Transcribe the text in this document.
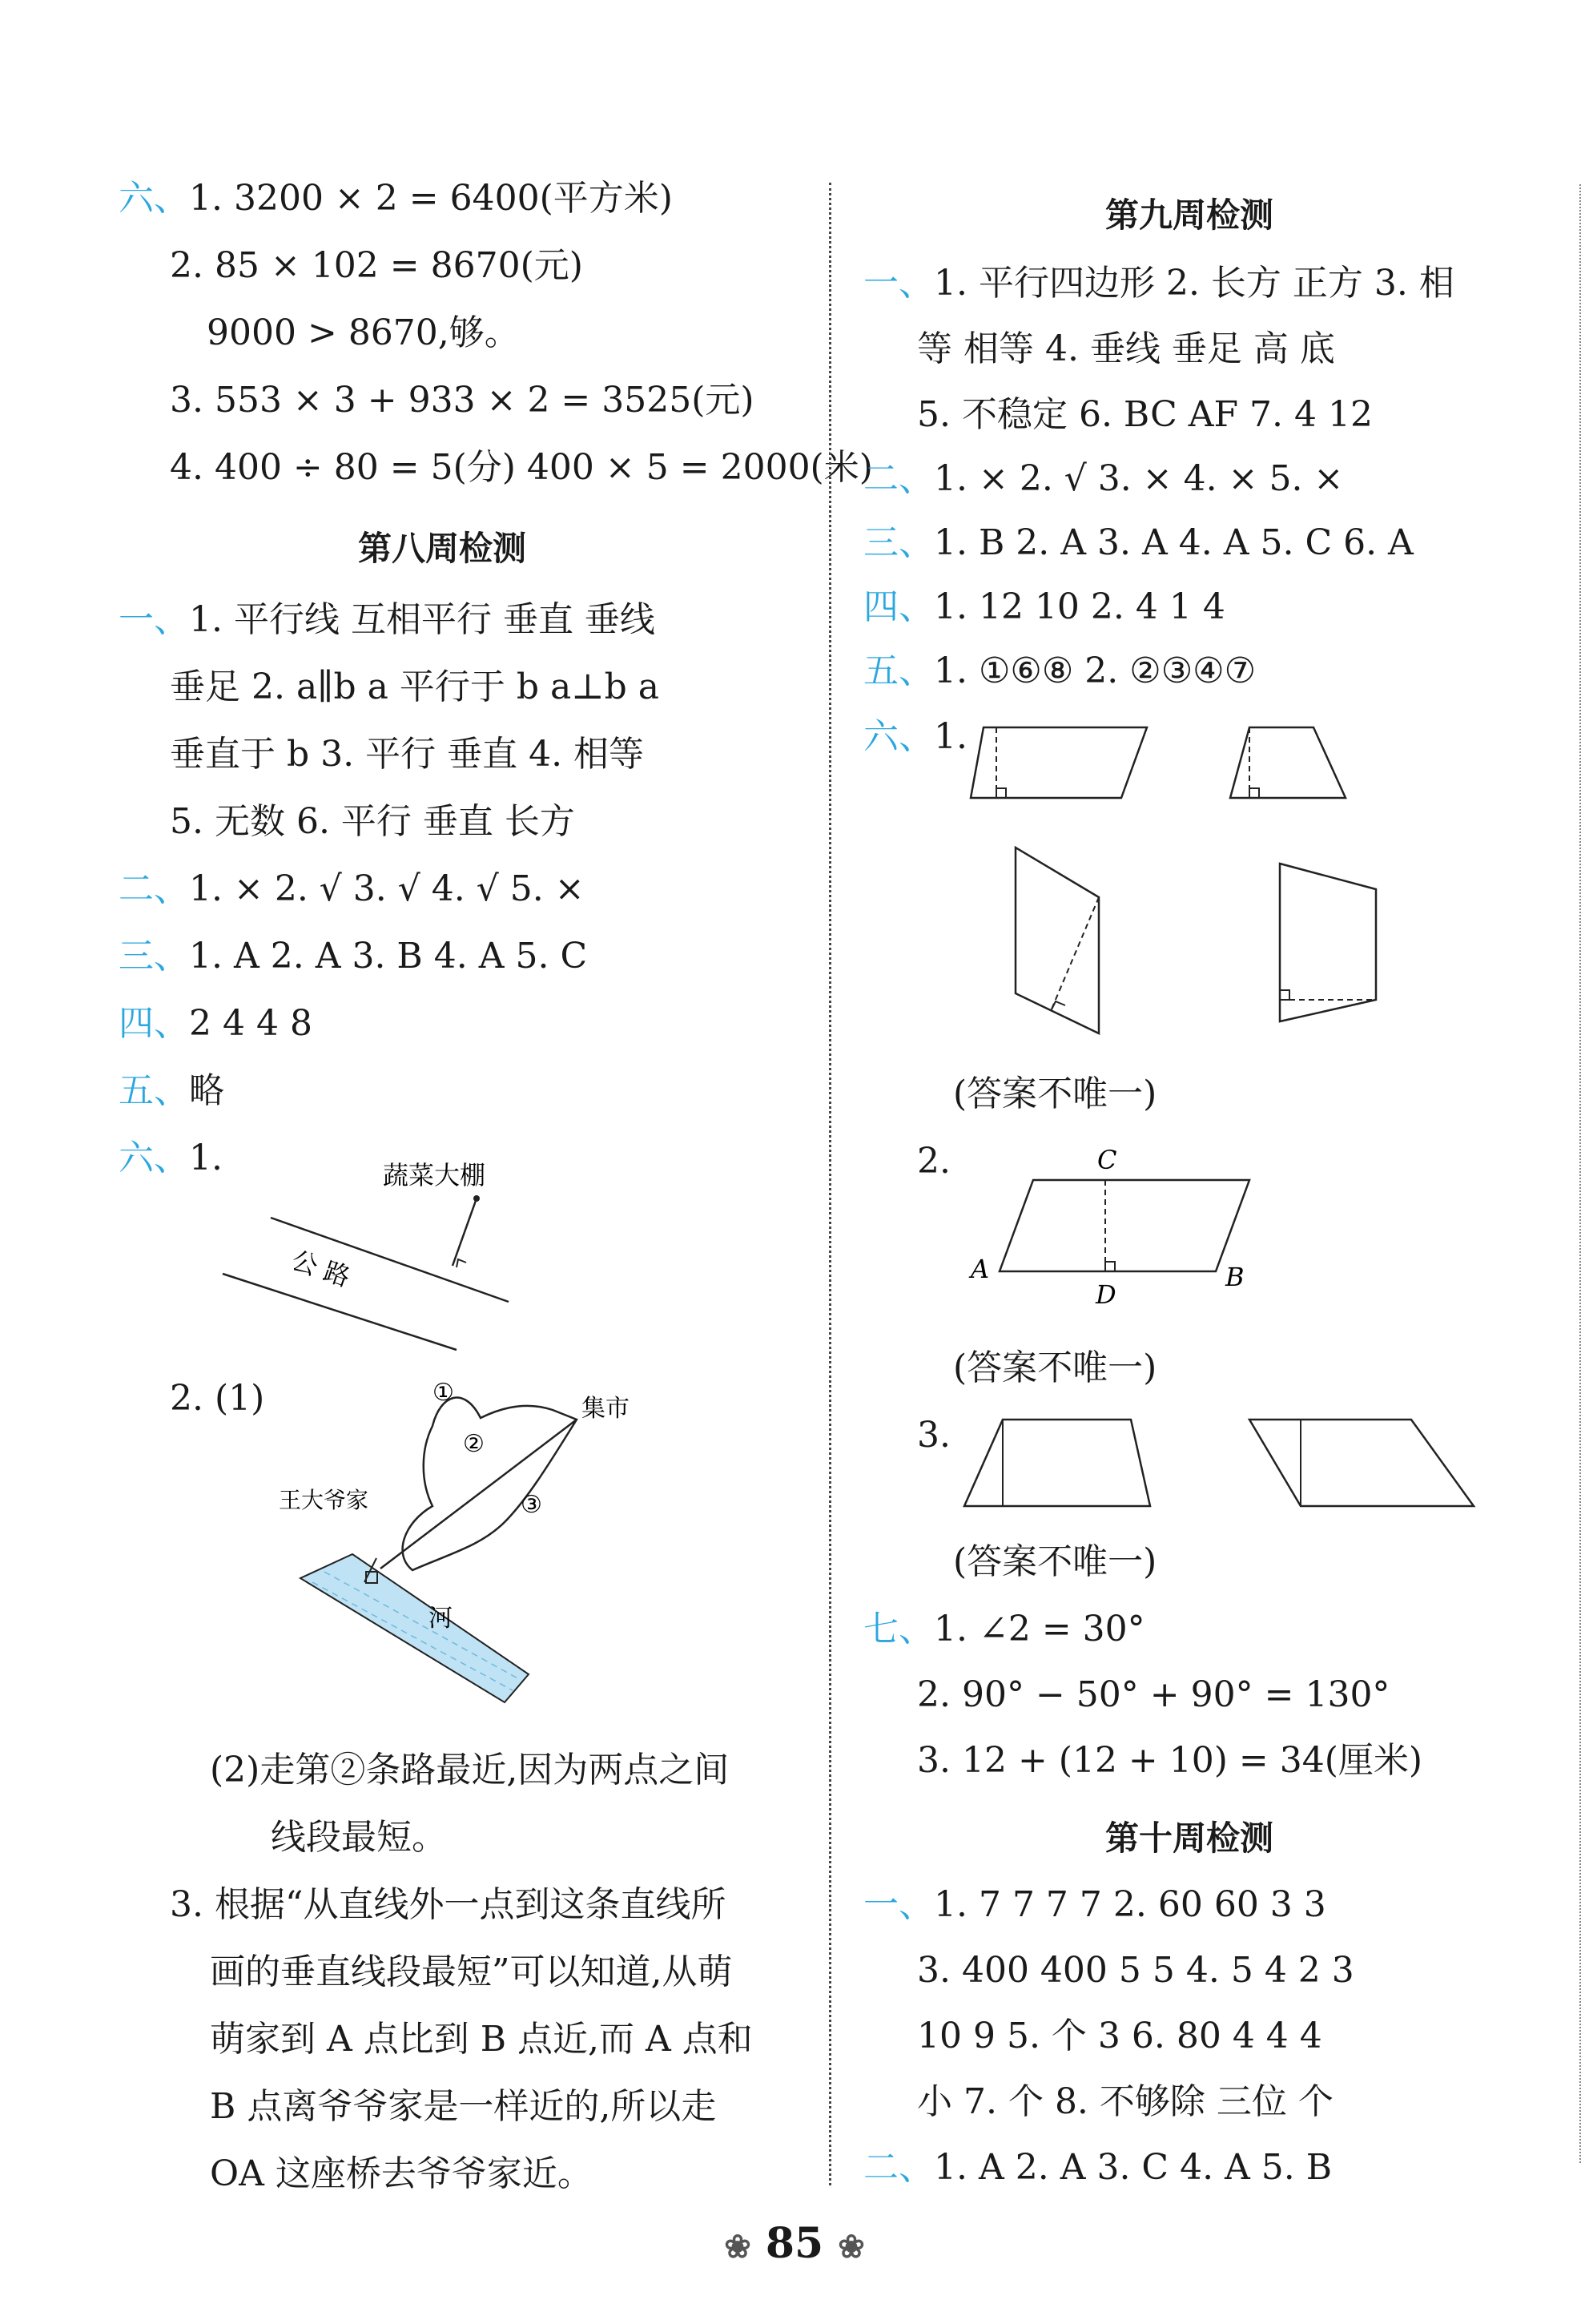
六、1. 3200 × 2 = 6400(平方米)
2. 85 × 102 = 8670(元)
9000 > 8670,够。
3. 553 × 3 + 933 × 2 = 3525(元)
4. 400 ÷ 80 = 5(分) 400 × 5 = 2000(米)
第八周检测
一、1. 平行线 互相平行 垂直 垂线
垂足 2. a∥b a 平行于 b a⊥b a
垂直于 b 3. 平行 垂直 4. 相等
5. 无数 6. 平行 垂直 长方
二、1. × 2. √ 3. √ 4. √ 5. ×
三、1. A 2. A 3. B 4. A 5. C
四、2 4 4 8
五、略
六、1.	蔬菜大棚
公 路
2. (1)	①
②
③
集市
王大爷家
河
(2)走第②条路最近,因为两点之间
线段最短。
3. 根据“从直线外一点到这条直线所
画的垂直线段最短”可以知道,从萌
萌家到 A 点比到 B 点近,而 A 点和
B 点离爷爷家是一样近的,所以走
OA 这座桥去爷爷家近。
第九周检测
一、1. 平行四边形 2. 长方 正方 3. 相
等 相等 4. 垂线 垂足 高 底
5. 不稳定 6. BC AF 7. 4 12
二、1. × 2. √ 3. × 4. × 5. ×
三、1. B 2. A 3. A 4. A 5. C 6. A
四、1. 12 10 2. 4 1 4
五、1. ①⑥⑧ 2. ②③④⑦
六、1.
(答案不唯一)
2.	C
A	B
D
(答案不唯一)
3.
(答案不唯一)
七、1. ∠2 = 30°
2. 90° − 50° + 90° = 130°
3. 12 + (12 + 10) = 34(厘米)
第十周检测
一、1. 7 7 7 7 2. 60 60 3 3
3. 400 400 5 5 4. 5 4 2 3
10 9 5. 个 3 6. 80 4 4 4
小 7. 个 8. 不够除 三位 个
二、1. A 2. A 3. C 4. A 5. B
❀ 85 ❀
